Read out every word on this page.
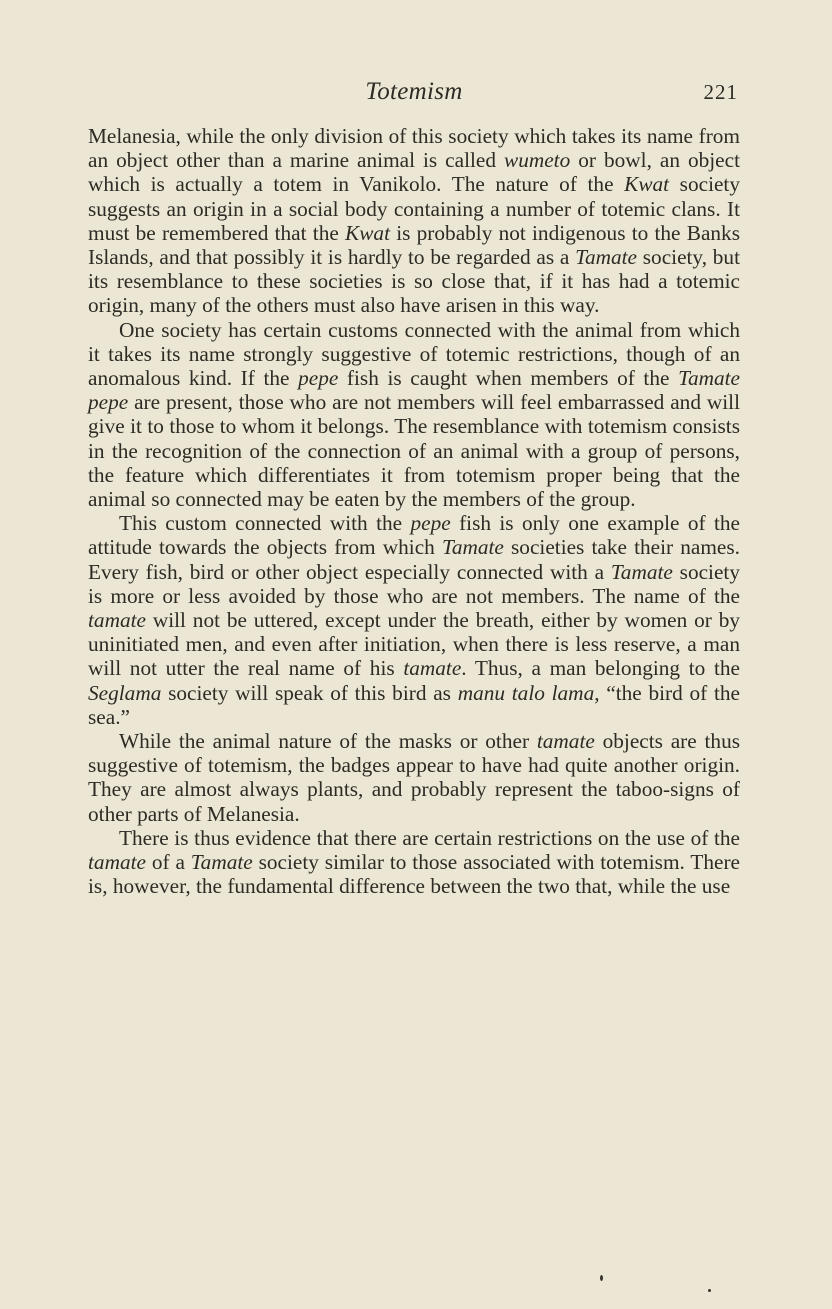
Totemism	221

Melanesia, while the only division of this society which takes its name from an object other than a marine animal is called wumeto or bowl, an object which is actually a totem in Vanikolo. The nature of the Kwat society suggests an origin in a social body containing a number of totemic clans. It must be remembered that the Kwat is probably not indigenous to the Banks Islands, and that possibly it is hardly to be regarded as a Tamate society, but its resemblance to these societies is so close that, if it has had a totemic origin, many of the others must also have arisen in this way.

One society has certain customs connected with the animal from which it takes its name strongly suggestive of totemic restrictions, though of an anomalous kind. If the pepe fish is caught when members of the Tamate pepe are present, those who are not members will feel embarrassed and will give it to those to whom it belongs. The resemblance with totemism consists in the recognition of the connection of an animal with a group of persons, the feature which differentiates it from totemism proper being that the animal so connected may be eaten by the members of the group.

This custom connected with the pepe fish is only one example of the attitude towards the objects from which Tamate societies take their names. Every fish, bird or other object especially connected with a Tamate society is more or less avoided by those who are not members. The name of the tamate will not be uttered, except under the breath, either by women or by uninitiated men, and even after initiation, when there is less reserve, a man will not utter the real name of his tamate. Thus, a man belonging to the Seglama society will speak of this bird as manu talo lama, “the bird of the sea.”

While the animal nature of the masks or other tamate objects are thus suggestive of totemism, the badges appear to have had quite another origin. They are almost always plants, and probably represent the taboo-signs of other parts of Melanesia.

There is thus evidence that there are certain restrictions on the use of the tamate of a Tamate society similar to those associated with totemism. There is, however, the fundamental difference between the two that, while the use
